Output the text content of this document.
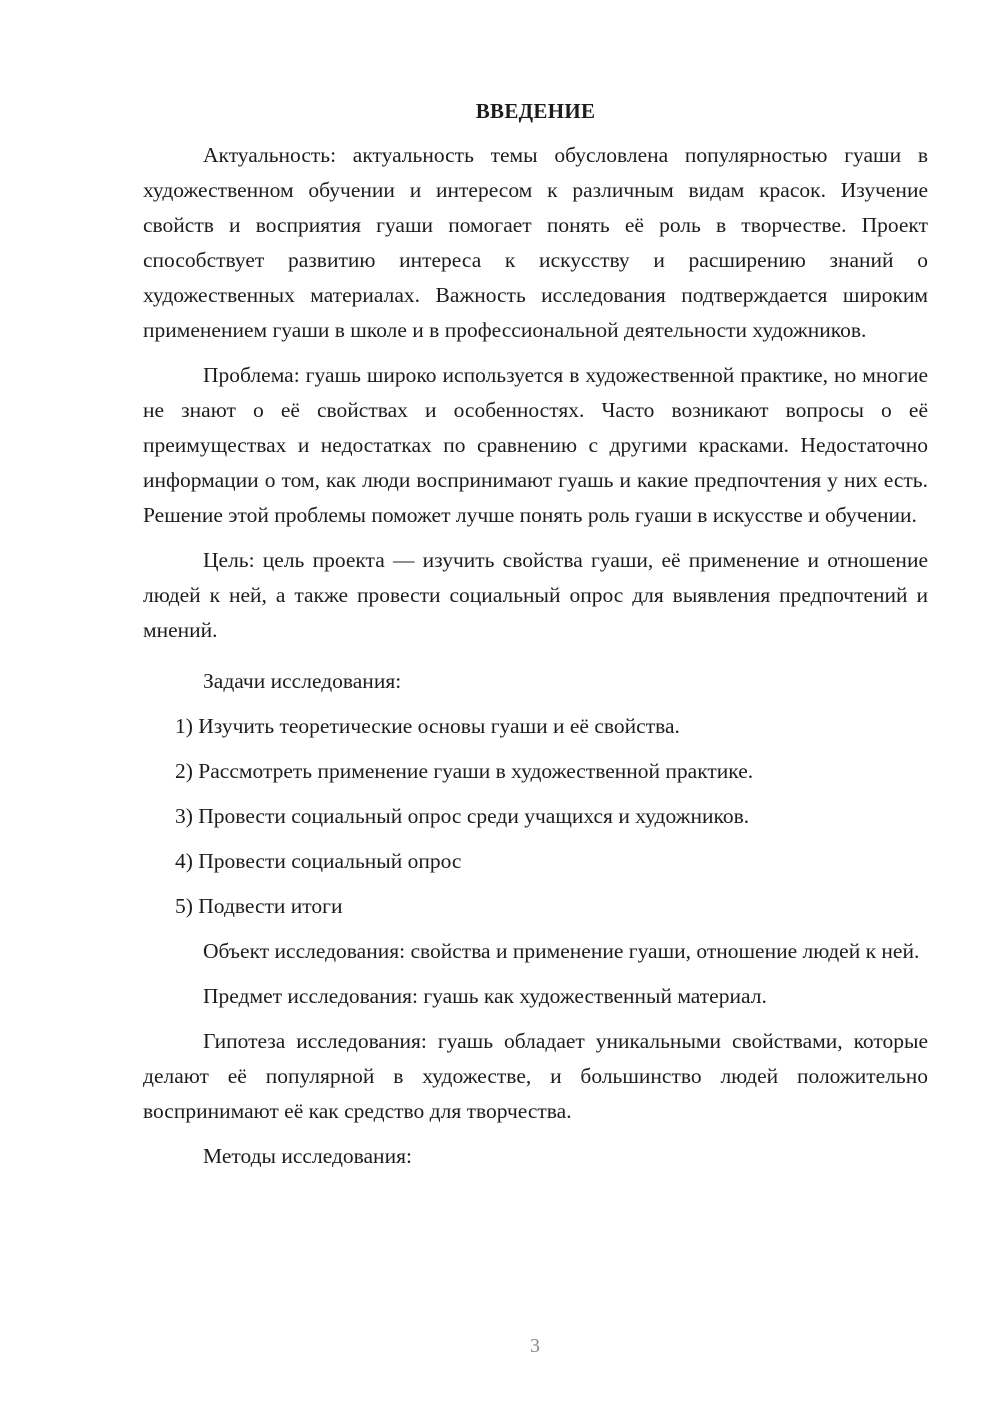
ВВЕДЕНИЕ

Актуальность: актуальность темы обусловлена популярностью гуаши в художественном обучении и интересом к различным видам красок. Изучение свойств и восприятия гуаши помогает понять её роль в творчестве. Проект способствует развитию интереса к искусству и расширению знаний о художественных материалах. Важность исследования подтверждается широким применением гуаши в школе и в профессиональной деятельности художников.

Проблема: гуашь широко используется в художественной практике, но многие не знают о её свойствах и особенностях. Часто возникают вопросы о её преимуществах и недостатках по сравнению с другими красками. Недостаточно информации о том, как люди воспринимают гуашь и какие предпочтения у них есть. Решение этой проблемы поможет лучше понять роль гуаши в искусстве и обучении.

Цель: цель проекта — изучить свойства гуаши, её применение и отношение людей к ней, а также провести социальный опрос для выявления предпочтений и мнений.

Задачи исследования:

1) Изучить теоретические основы гуаши и её свойства.
2) Рассмотреть применение гуаши в художественной практике.
3) Провести социальный опрос среди учащихся и художников.
4) Провести социальный опрос
5) Подвести итоги

Объект исследования: свойства и применение гуаши, отношение людей к ней.

Предмет исследования: гуашь как художественный материал.

Гипотеза исследования: гуашь обладает уникальными свойствами, которые делают её популярной в художестве, и большинство людей положительно воспринимают её как средство для творчества.

Методы исследования:

3
